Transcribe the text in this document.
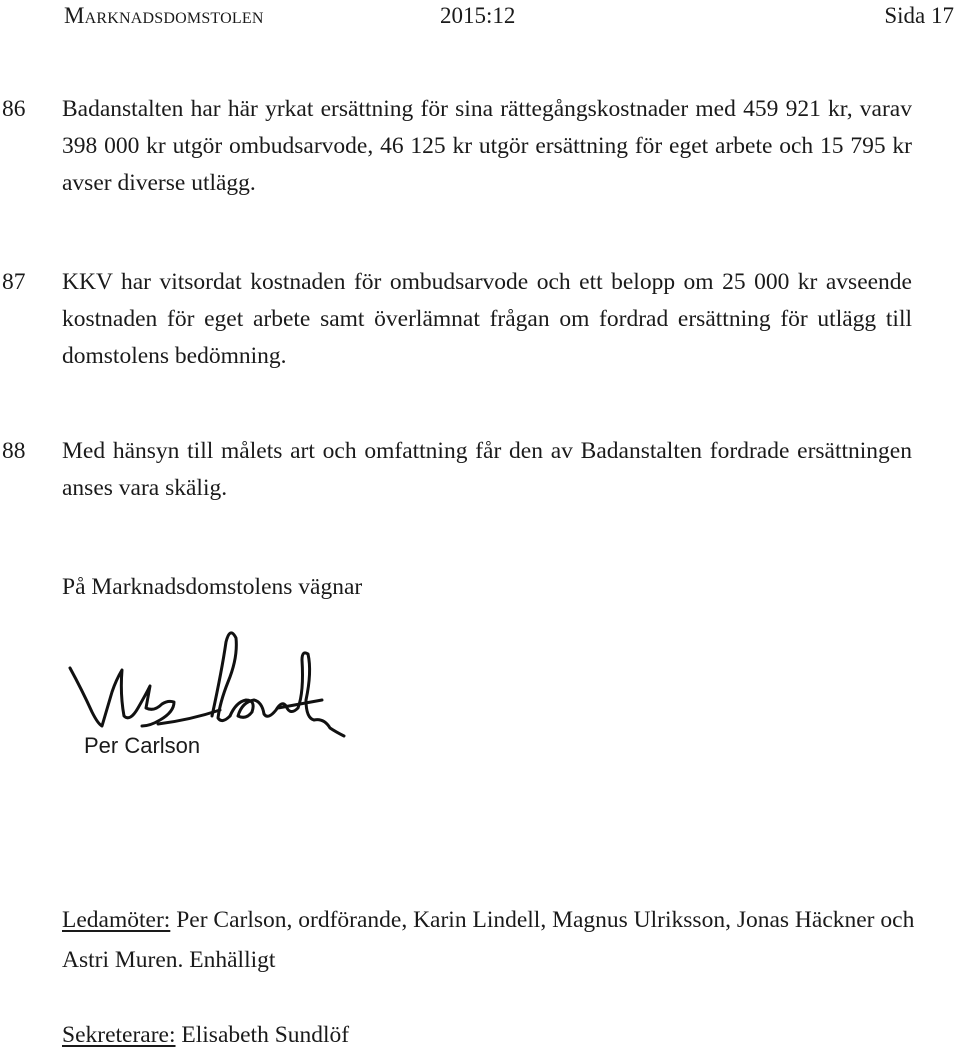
Marknadsdomstolen	2015:12	Sida 17
86 Badanstalten har här yrkat ersättning för sina rättegångskostnader med 459 921 kr, varav 398 000 kr utgör ombudsarvode, 46 125 kr utgör ersättning för eget arbete och 15 795 kr avser diverse utlägg.
87 KKV har vitsordat kostnaden för ombudsarvode och ett belopp om 25 000 kr avseende kostnaden för eget arbete samt överlämnat frågan om fordrad ersättning för utlägg till domstolens bedömning.
88 Med hänsyn till målets art och omfattning får den av Badanstalten fordrade ersättningen anses vara skälig.
På Marknadsdomstolens vägnar
Per Carlson
Ledamöter: Per Carlson, ordförande, Karin Lindell, Magnus Ulriksson, Jonas Häckner och Astri Muren. Enhälligt
Sekreterare: Elisabeth Sundlöf
